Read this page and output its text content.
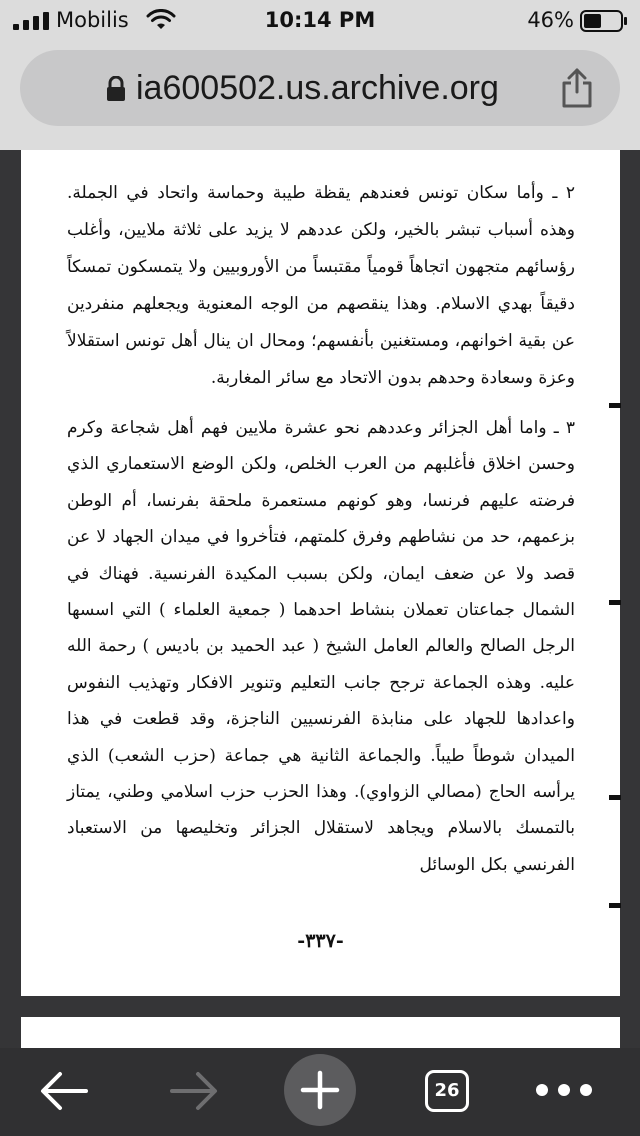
Mobilis	10:14 PM	46%
ia600502.us.archive.org

٢ ـ وأما سكان تونس فعندهم يقظة طيبة وحماسة واتحاد في الجملة. وهذه أسباب تبشر بالخير، ولكن عددهم لا يزيد على ثلاثة ملايين، وأغلب رؤسائهم متجهون اتجاهاً قومياً مقتبساً من الأوروبيين ولا يتمسكون تمسكاً دقيقاً بهدي الاسلام. وهذا ينقصهم من الوجه المعنوية ويجعلهم منفردين عن بقية اخوانهم، ومستغنين بأنفسهم؛ ومحال ان ينال أهل تونس استقلالاً وعزة وسعادة وحدهم بدون الاتحاد مع سائر المغاربة.

٣ ـ واما أهل الجزائر وعددهم نحو عشرة ملايين فهم أهل شجاعة وكرم وحسن اخلاق فأغلبهم من العرب الخلص، ولكن الوضع الاستعماري الذي فرضته عليهم فرنسا، وهو كونهم مستعمرة ملحقة بفرنسا، أم الوطن بزعمهم، حد من نشاطهم وفرق كلمتهم، فتأخروا في ميدان الجهاد لا عن قصد ولا عن ضعف ايمان، ولكن بسبب المكيدة الفرنسية. فهناك في الشمال جماعتان تعملان بنشاط احدهما ( جمعية العلماء ) التي اسسها الرجل الصالح والعالم العامل الشيخ ( عبد الحميد بن باديس ) رحمة الله عليه. وهذه الجماعة ترجح جانب التعليم وتنوير الافكار وتهذيب النفوس واعدادها للجهاد على منابذة الفرنسيين الناجزة، وقد قطعت في هذا الميدان شوطاً طيباً. والجماعة الثانية هي جماعة (حزب الشعب) الذي يرأسه الحاج (مصالي الزواوي). وهذا الحزب حزب اسلامي وطني، يمتاز بالتمسك بالاسلام ويجاهد لاستقلال الجزائر وتخليصها من الاستعباد الفرنسي بكل الوسائل

-٣٣٧-
26
